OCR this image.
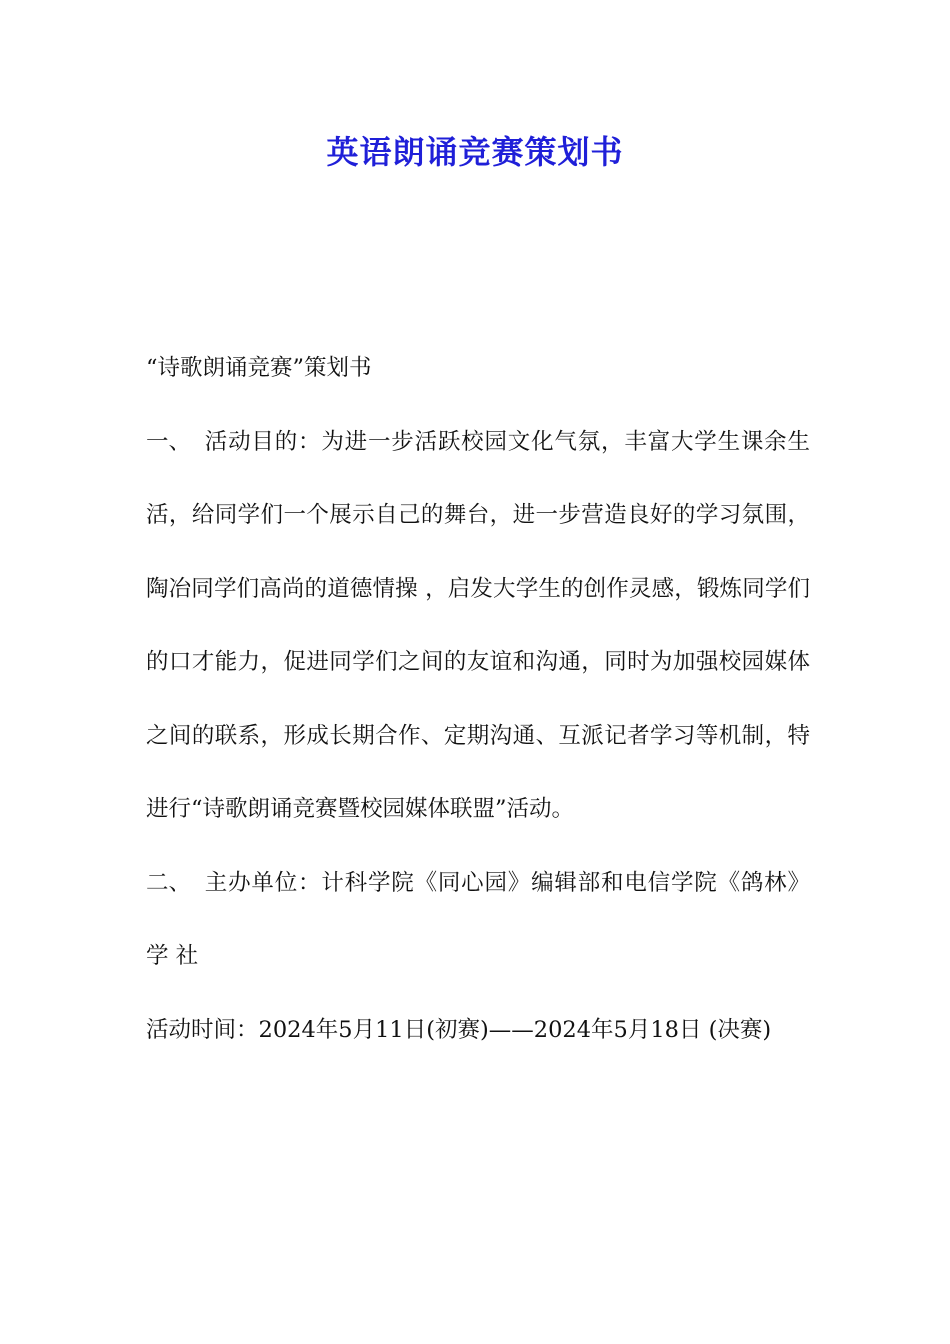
英语朗诵竞赛策划书

“诗歌朗诵竞赛”策划书

一、 活动目的：为进一步活跃校园文化气氛，丰富大学生课余生活，给同学们一个展示自己的舞台，进一步营造良好的学习氛围，陶冶同学们高尚的道德情操 ，启发大学生的创作灵感，锻炼同学们的口才能力，促进同学们之间的友谊和沟通，同时为加强校园媒体之间的联系，形成长期合作、定期沟通、互派记者学习等机制，特进行“诗歌朗诵竞赛暨校园媒体联盟”活动。

二、 主办单位：计科学院《同心园》编辑部和电信学院《鸽林》学 社

活动时间：2024年5月11日(初赛)——2024年5月18日 (决赛)
